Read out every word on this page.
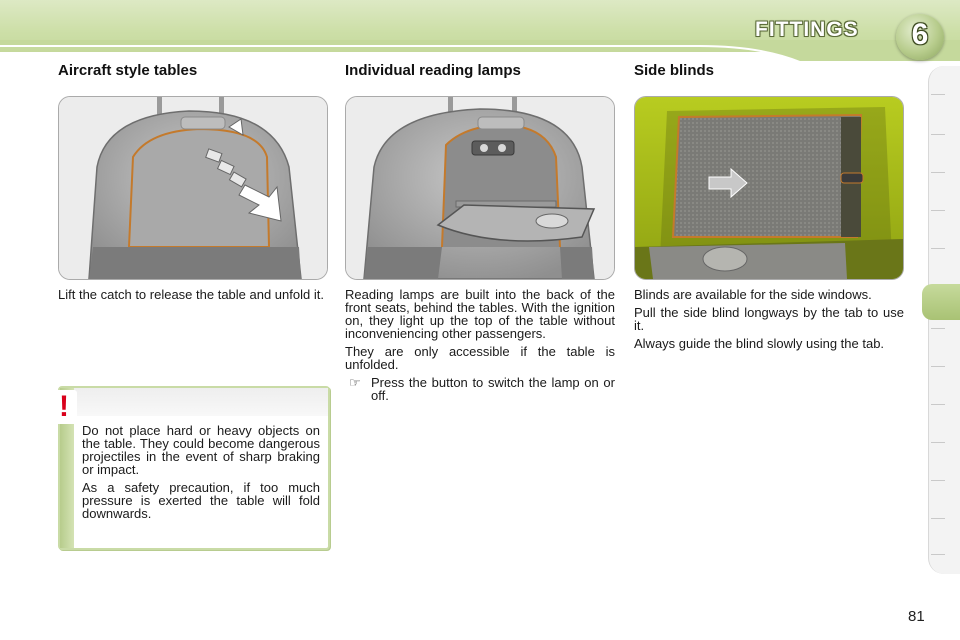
FITTINGS	6
Aircraft style tables	Individual reading lamps	Side blinds

Lift the catch to release the table and unfold it. Reading lamps are built into the back of the front seats, behind the tables. With the ignition on, they light up the top of the table without inconveniencing other passengers.

They are only accessible if the table is unfolded.

☞ Press the button to switch the lamp on or off.

Blinds are available for the side windows.

Pull the side blind longways by the tab to use it.

Always guide the blind slowly using the tab.

!

Do not place hard or heavy objects on the table. They could become dangerous projectiles in the event of sharp braking or impact.

As a safety precaution, if too much pressure is exerted the table will fold downwards.

81
